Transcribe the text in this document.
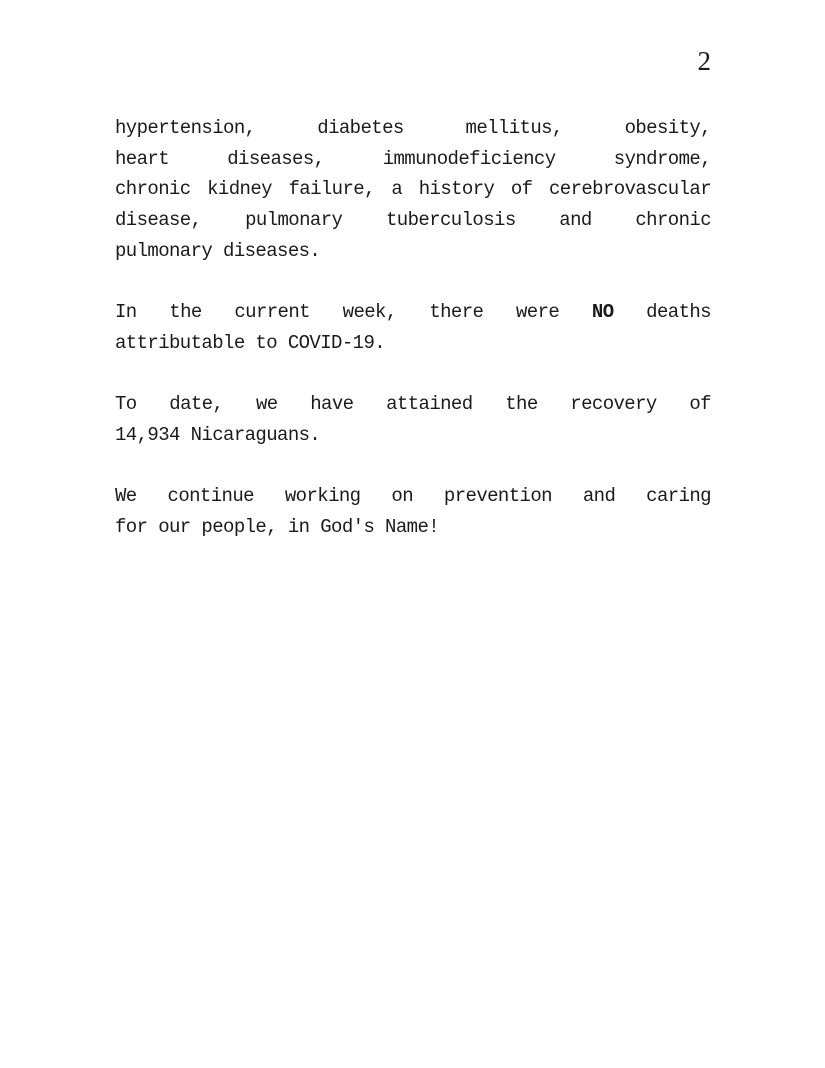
2
hypertension, diabetes mellitus, obesity,
heart diseases, immunodeficiency syndrome,
chronic kidney failure, a history of cerebrovascular
disease, pulmonary tuberculosis and chronic
pulmonary diseases.
In the current week, there were NO deaths
attributable to COVID-19.
To date, we have attained the recovery of
14,934 Nicaraguans.
We continue working on prevention and caring
for our people, in God's Name!
